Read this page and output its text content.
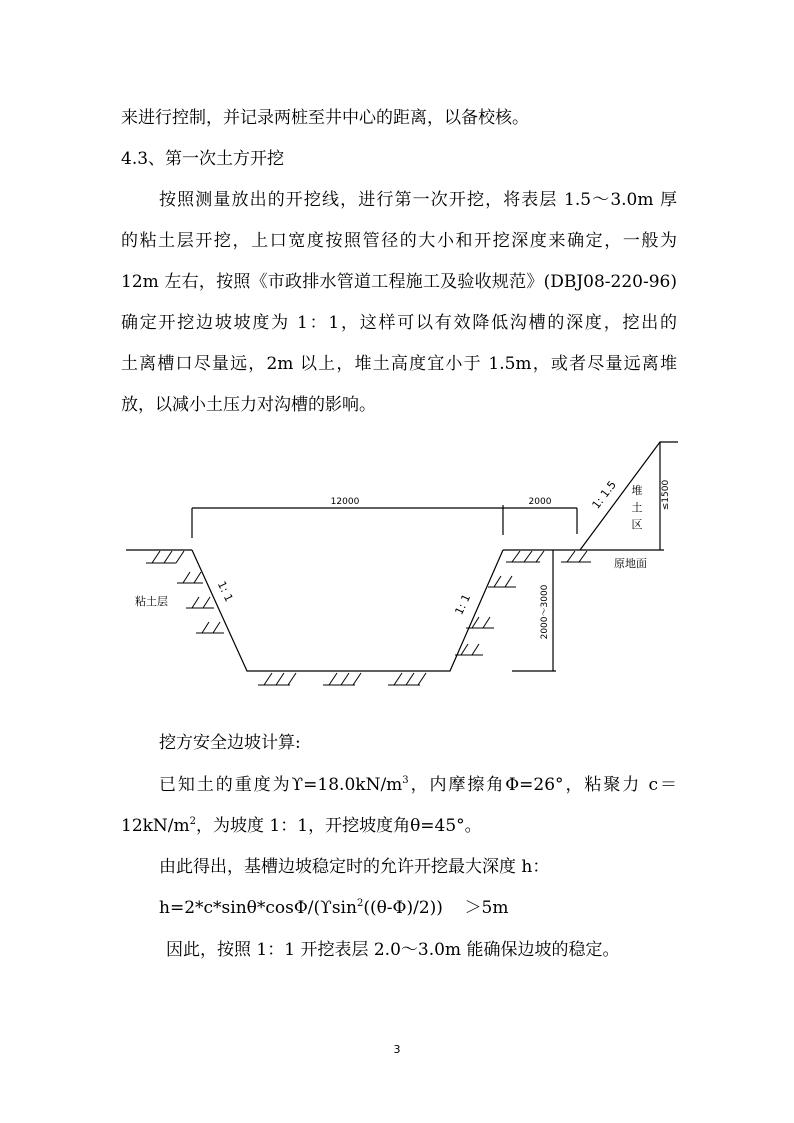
来进行控制，并记录两桩至井中心的距离，以备校核。
4.3、第一次土方开挖
按照测量放出的开挖线，进行第一次开挖，将表层 1.5～3.0m 厚
的粘土层开挖，上口宽度按照管径的大小和开挖深度来确定，一般为
12m 左右，按照《市政排水管道工程施工及验收规范》(DBJ08-220-96)
确定开挖边坡坡度为 1：1，这样可以有效降低沟槽的深度，挖出的
土离槽口尽量远，2m 以上，堆土高度宜小于 1.5m，或者尽量远离堆
放，以减小土压力对沟槽的影响。
12000	2000
1: 1
1: 1
1: 1.5 堆
土
区
≤1500
2000～3000
粘土层
原地面
挖方安全边坡计算:
已知土的重度为$ϒ=18.0kN/m^3$，内摩擦角Φ=26°，粘聚力 c＝
$12kN/m^2$，为坡度 1：1，开挖坡度角θ=45°。
由此得出，基槽边坡稳定时的允许开挖最大深度 h：
h=2*c*sinθ*cosΦ/(ϒsin$^2$((θ-Φ)/2))    ＞5m
因此，按照 1：1 开挖表层 2.0～3.0m 能确保边坡的稳定。
3
